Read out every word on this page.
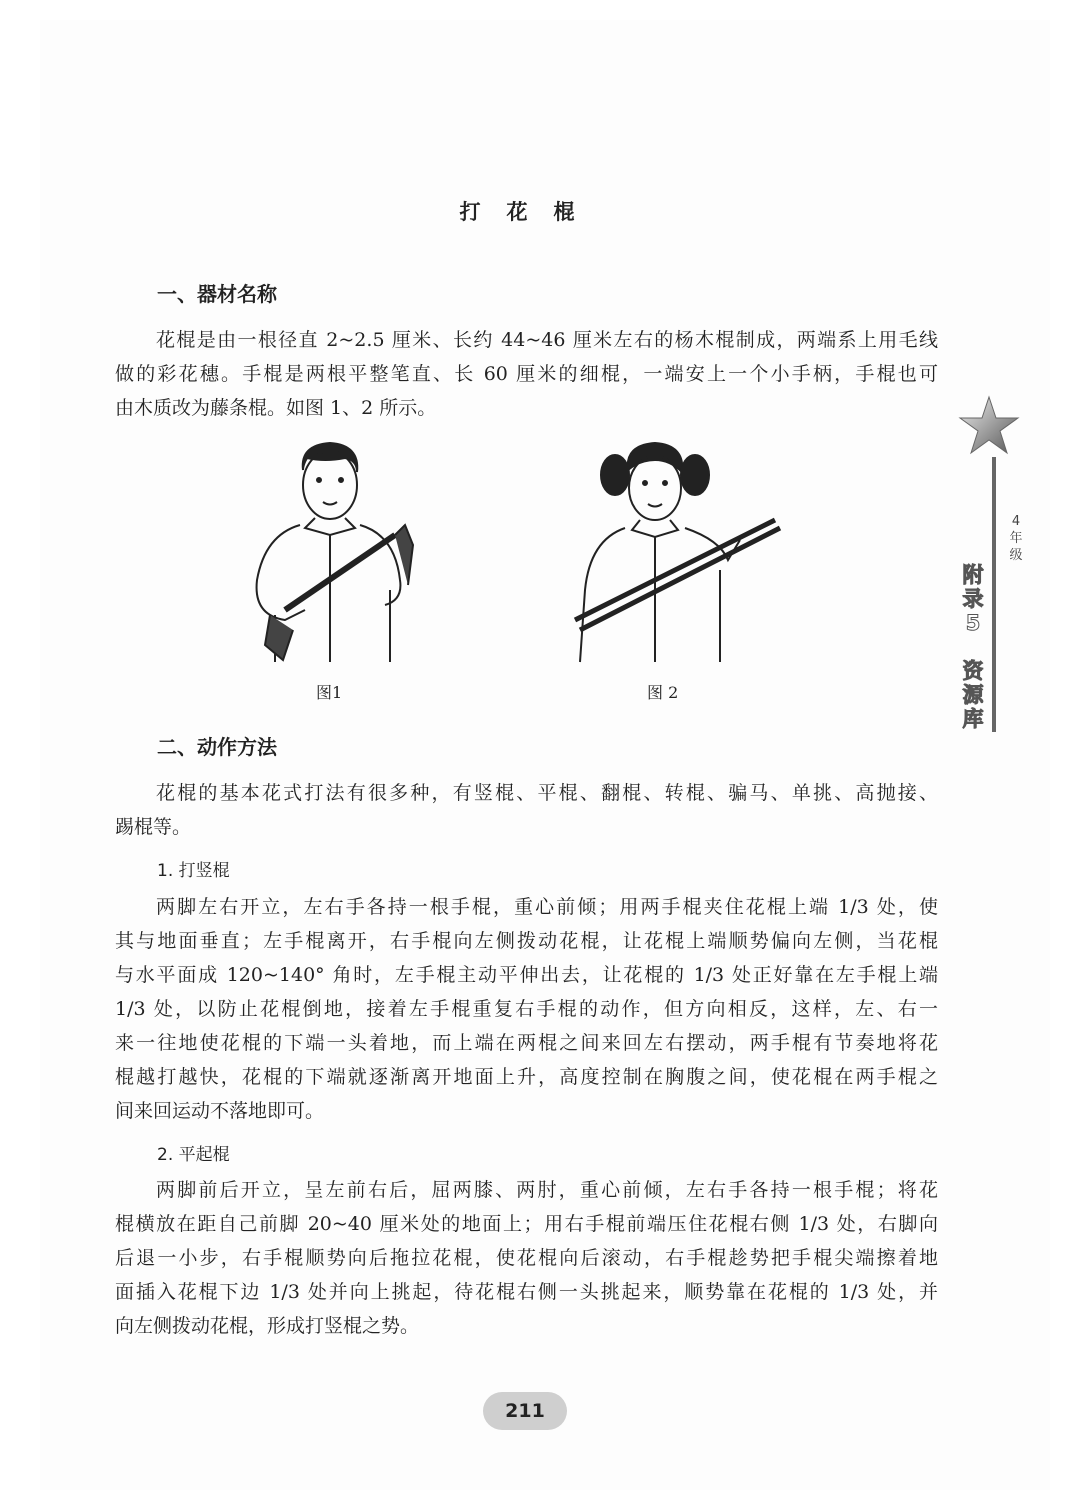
打花棍
一、器材名称
花棍是由一根径直 2~2.5 厘米、长约 44~46 厘米左右的杨木棍制成，两端系上用毛线
做的彩花穗。手棍是两根平整笔直、长 60 厘米的细棍，一端安上一个小手柄，手棍也可
由木质改为藤条棍。如图 1、2 所示。
图1	图 2
二、动作方法
花棍的基本花式打法有很多种，有竖棍、平棍、翻棍、转棍、骗马、单挑、高抛接、
踢棍等。
1. 打竖棍
两脚左右开立，左右手各持一根手棍，重心前倾；用两手棍夹住花棍上端 1/3 处，使
其与地面垂直；左手棍离开，右手棍向左侧拨动花棍，让花棍上端顺势偏向左侧，当花棍
与水平面成 120~140° 角时，左手棍主动平伸出去，让花棍的 1/3 处正好靠在左手棍上端
1/3 处，以防止花棍倒地，接着左手棍重复右手棍的动作，但方向相反，这样，左、右一
来一往地使花棍的下端一头着地，而上端在两棍之间来回左右摆动，两手棍有节奏地将花
棍越打越快，花棍的下端就逐渐离开地面上升，高度控制在胸腹之间，使花棍在两手棍之
间来回运动不落地即可。
2. 平起棍
两脚前后开立，呈左前右后，屈两膝、两肘，重心前倾，左右手各持一根手棍；将花
棍横放在距自己前脚 20~40 厘米处的地面上；用右手棍前端压住花棍右侧 1/3 处，右脚向
后退一小步，右手棍顺势向后拖拉花棍，使花棍向后滚动，右手棍趁势把手棍尖端擦着地
面插入花棍下边 1/3 处并向上挑起，待花棍右侧一头挑起来，顺势靠在花棍的 1/3 处，并
向左侧拨动花棍，形成打竖棍之势。
4
年
级
附
录
5

资
源
库
211
